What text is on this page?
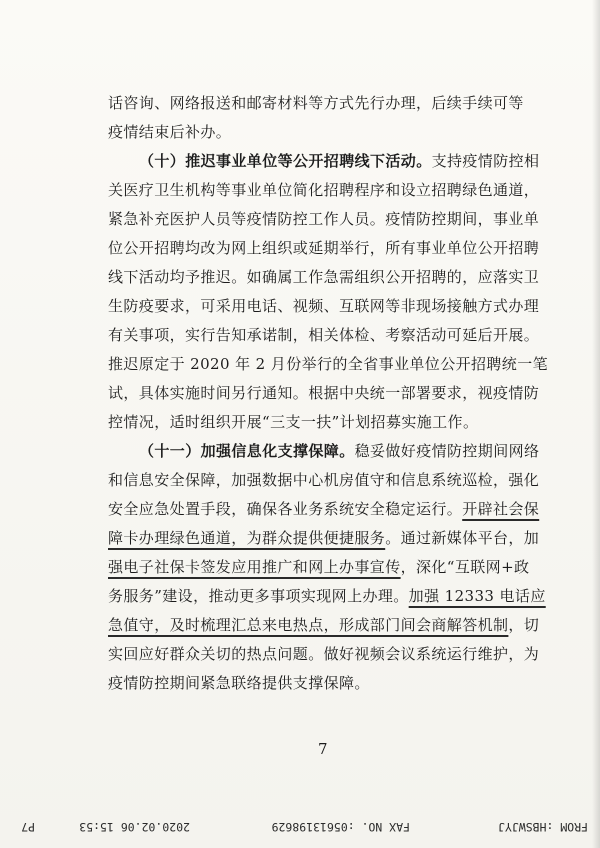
话咨询、网络报送和邮寄材料等方式先行办理，后续手续可等
疫情结束后补办。
（十）推迟事业单位等公开招聘线下活动。支持疫情防控相
关医疗卫生机构等事业单位简化招聘程序和设立招聘绿色通道，
紧急补充医护人员等疫情防控工作人员。疫情防控期间，事业单
位公开招聘均改为网上组织或延期举行，所有事业单位公开招聘
线下活动均予推迟。如确属工作急需组织公开招聘的，应落实卫
生防疫要求，可采用电话、视频、互联网等非现场接触方式办理
有关事项，实行告知承诺制，相关体检、考察活动可延后开展。
推迟原定于 2020 年 2 月份举行的全省事业单位公开招聘统一笔
试，具体实施时间另行通知。根据中央统一部署要求，视疫情防
控情况，适时组织开展“三支一扶”计划招募实施工作。
（十一）加强信息化支撑保障。稳妥做好疫情防控期间网络
和信息安全保障，加强数据中心机房值守和信息系统巡检，强化
安全应急处置手段，确保各业务系统安全稳定运行。开辟社会保
障卡办理绿色通道，为群众提供便捷服务。通过新媒体平台，加
强电子社保卡签发应用推广和网上办事宣传，深化“互联网+政
务服务”建设，推动更多事项实现网上办理。加强 12333 电话应
急值守，及时梳理汇总来电热点，形成部门间会商解答机制，切
实回应好群众关切的热点问题。做好视频会议系统运行维护，为
疫情防控期间紧急联络提供支撑保障。
7
FROM :HBSWJYJ
FAX NO. :05613198629
2020.02.06 15:53
P7
